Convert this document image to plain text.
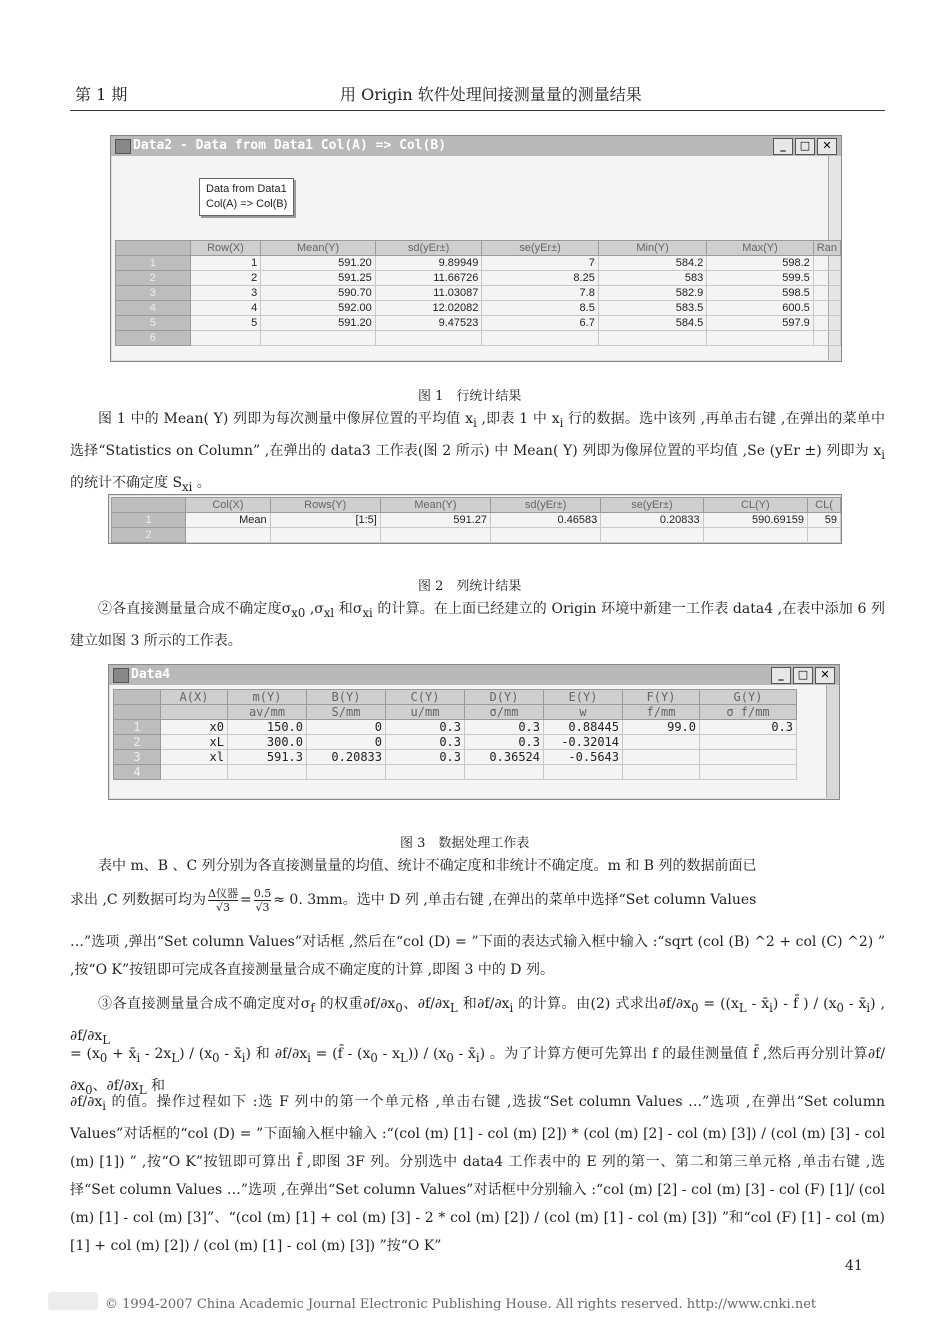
第 1 期	用 Origin 软件处理间接测量量的测量结果
Data2 - Data from Data1 Col(A) => Col(B)	_	□	✕
Data from Data1
Col(A) => Col(B)
	Row(X)	Mean(Y)	sd(yEr±)	se(yEr±)	Min(Y)	Max(Y)	Ran
1	1	591.20	9.89949	7	584.2	598.2	
2	2	591.25	11.66726	8.25	583	599.5	
3	3	590.70	11.03087	7.8	582.9	598.5	
4	4	592.00	12.02082	8.5	583.5	600.5	
5	5	591.20	9.47523	6.7	584.5	597.9	
6							
图 1　行统计结果
图 1 中的 Mean( Y) 列即为每次测量中像屏位置的平均值 $x_i$ ,即表 1 中 $x_i$ 行的数据。选中该列 ,再单击右键 ,在弹出的菜单中选择“Statistics on Column” ,在弹出的 data3 工作表(图 2 所示) 中 Mean( Y) 列即为像屏位置的平均值 ,Se (yEr ±) 列即为 $x_i$ 的统计不确定度 $S_{xi}$ 。
	Col(X)	Rows(Y)	Mean(Y)	sd(yEr±)	se(yEr±)	CL(Y)	CL(
1	Mean	[1:5]	591.27	0.46583	0.20833	590.69159	59
2							
图 2　列统计结果
②各直接测量量合成不确定度$\sigma_{x0}$ $,\sigma_{xl}$ 和$\sigma_{xi}$ 的计算。在上面已经建立的 Origin 环境中新建一工作表 data4 ,在表中添加 6 列建立如图 3 所示的工作表。
Data4	_	□	✕
	A(X)	m(Y)	B(Y)	C(Y)	D(Y)	E(Y)	F(Y)	G(Y)
		av/mm	S/mm	u/mm	σ/mm	w	f/mm	σ f/mm
1	x0	150.0	0	0.3	0.3	0.88445	99.0	0.3
2	xL	300.0	0	0.3	0.3	-0.32014		
3	xl	591.3	0.20833	0.3	0.36524	-0.5643		
4								
图 3　数据处理工作表
表中 m、B 、C 列分别为各直接测量量的均值、统计不确定度和非统计不确定度。m 和 B 列的数据前面已
求出 ,C 列数据可均为 $\frac{\text{Δ仪器}}{√3} = \frac{0.5}{√3} \approx 0$. 3mm。选中 D 列 ,单击右键 ,在弹出的菜单中选择“Set column Values
…”选项 ,弹出“Set column Values”对话框 ,然后在“col (D) = ”下面的表达式输入框中输入 :“sqrt (col (B) ^2 + col (C) ^2) ” ,按“O K”按钮即可完成各直接测量量合成不确定度的计算 ,即图 3 中的 D 列。
③各直接测量量合成不确定度对$\sigma_f$ 的权重$\partial f/\partial x_0$、$\partial f/\partial x_L$ 和$\partial f/\partial x_i$ 的计算。由(2) 式求出$\partial f/\partial x_0 = ((x_L$ - $x̄_i$) - f̄ ) / ($x_0$ - $x̄_i$) , $\partial f/\partial x_L$
= ($x_0$ + $x̄_i - 2x_L) / (x_0$ - $x̄_i$) 和 $\partial f/\partial x_i$ = (f̄ - $(x_0 - x_L)) / (x_0$ - $x̄_i$) 。为了计算方便可先算出 f 的最佳测量值 f̄ ,然后再分别计算$\partial f/\partial x_0$、$\partial f/\partial x_L$ 和
$\partial f/\partial x_i$ 的值。操作过程如下 :选 F 列中的第一个单元格 ,单击右键 ,选拔“Set column Values …”选项 ,在弹出“Set column Values”对话框的“col (D) = ”下面输入框中输入 :“(col (m) [1] - col (m) [2]) * (col (m) [2] - col (m) [3]) / (col (m) [3] - col (m) [1]) ” ,按“O K”按钮即可算出 f̄ ,即图 3F 列。分别选中 data4 工作表中的 E 列的第一、第二和第三单元格 ,单击右键 ,选择“Set column Values …”选项 ,在弹出“Set column Values”对话框中分别输入 :“col (m) [2] - col (m) [3] - col (F) [1]/ (col (m) [1] - col (m) [3]”、“(col (m) [1] + col (m) [3] - 2 * col (m) [2]) / (col (m) [1] - col (m) [3]) ”和“col (F) [1] - col (m) [1] + col (m) [2]) / (col (m) [1] - col (m) [3]) ”按“O K”
41
© 1994-2007 China Academic Journal Electronic Publishing House. All rights reserved. http://www.cnki.net
